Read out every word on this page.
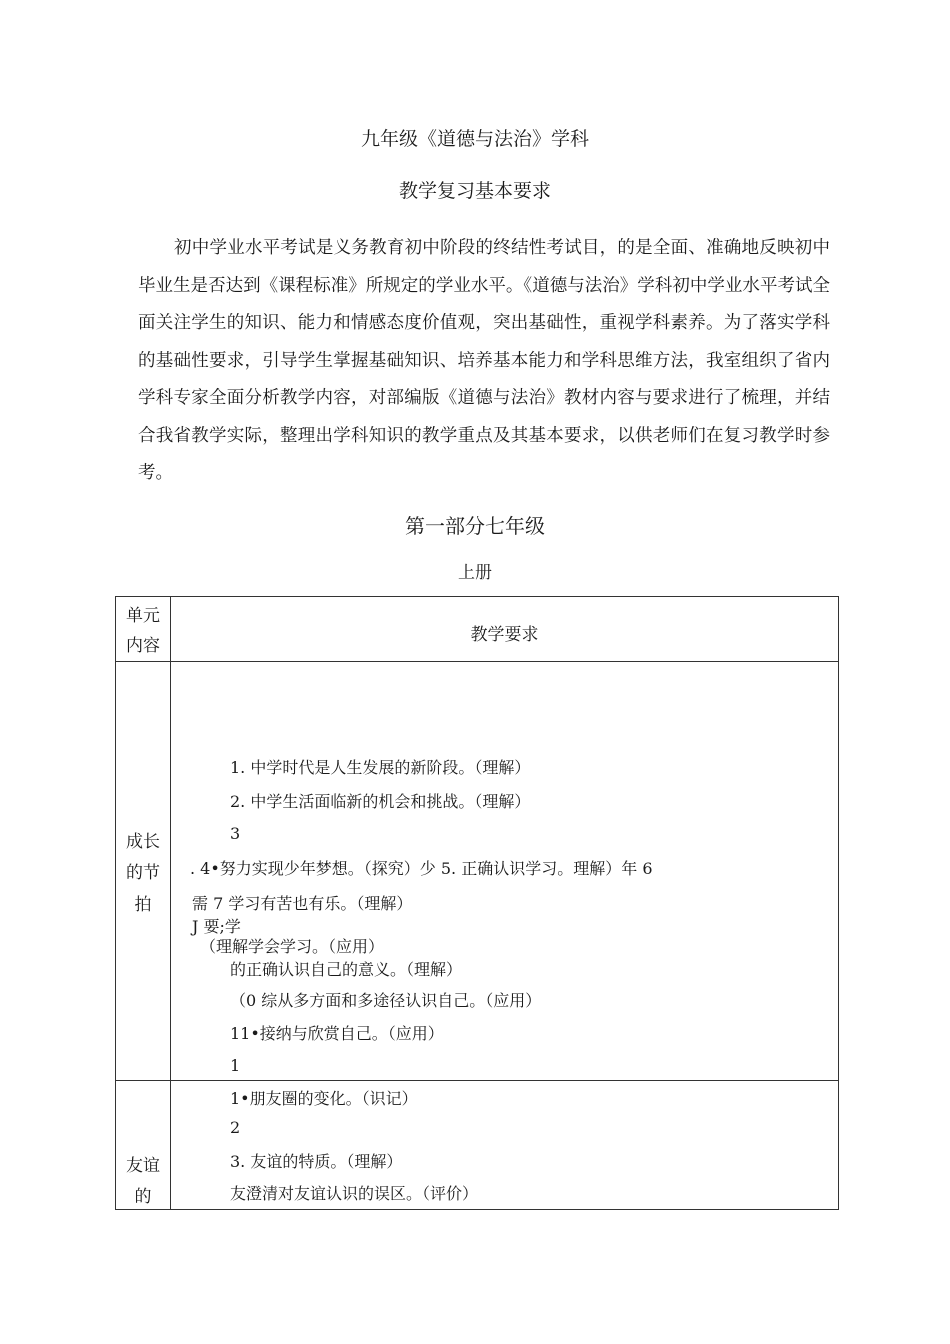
九年级《道德与法治》学科
教学复习基本要求

初中学业水平考试是义务教育初中阶段的终结性考试目，的是全面、准确地反映初中毕业生是否达到《课程标准》所规定的学业水平。《道德与法治》学科初中学业水平考试全面关注学生的知识、能力和情感态度价值观，突出基础性，重视学科素养。为了落实学科的基础性要求，引导学生掌握基础知识、培养基本能力和学科思维方法，我室组织了省内学科专家全面分析教学内容，对部编版《道德与法治》教材内容与要求进行了梳理，并结合我省教学实际，整理出学科知识的教学重点及其基本要求，以供老师们在复习教学时参考。

第一部分七年级
上册
单元
内容
教学要求
成长
的节
拍
1. 中学时代是人生发展的新阶段。（理解）
2. 中学生活面临新的机会和挑战。（理解）
3
. 4•努力实现少年梦想。（探究）少 5. 正确认识学习。理解）年 6
需 7 学习有苦也有乐。（理解）
J 要;学
（理解学会学习。（应用）
的正确认识自己的意义。（理解）
（0 综从多方面和多途径认识自己。（应用）
11•接纳与欣赏自己。（应用）
1
友谊
的
1•朋友圈的变化。（识记）
2
3. 友谊的特质。（理解）
友澄清对友谊认识的误区。（评价）
